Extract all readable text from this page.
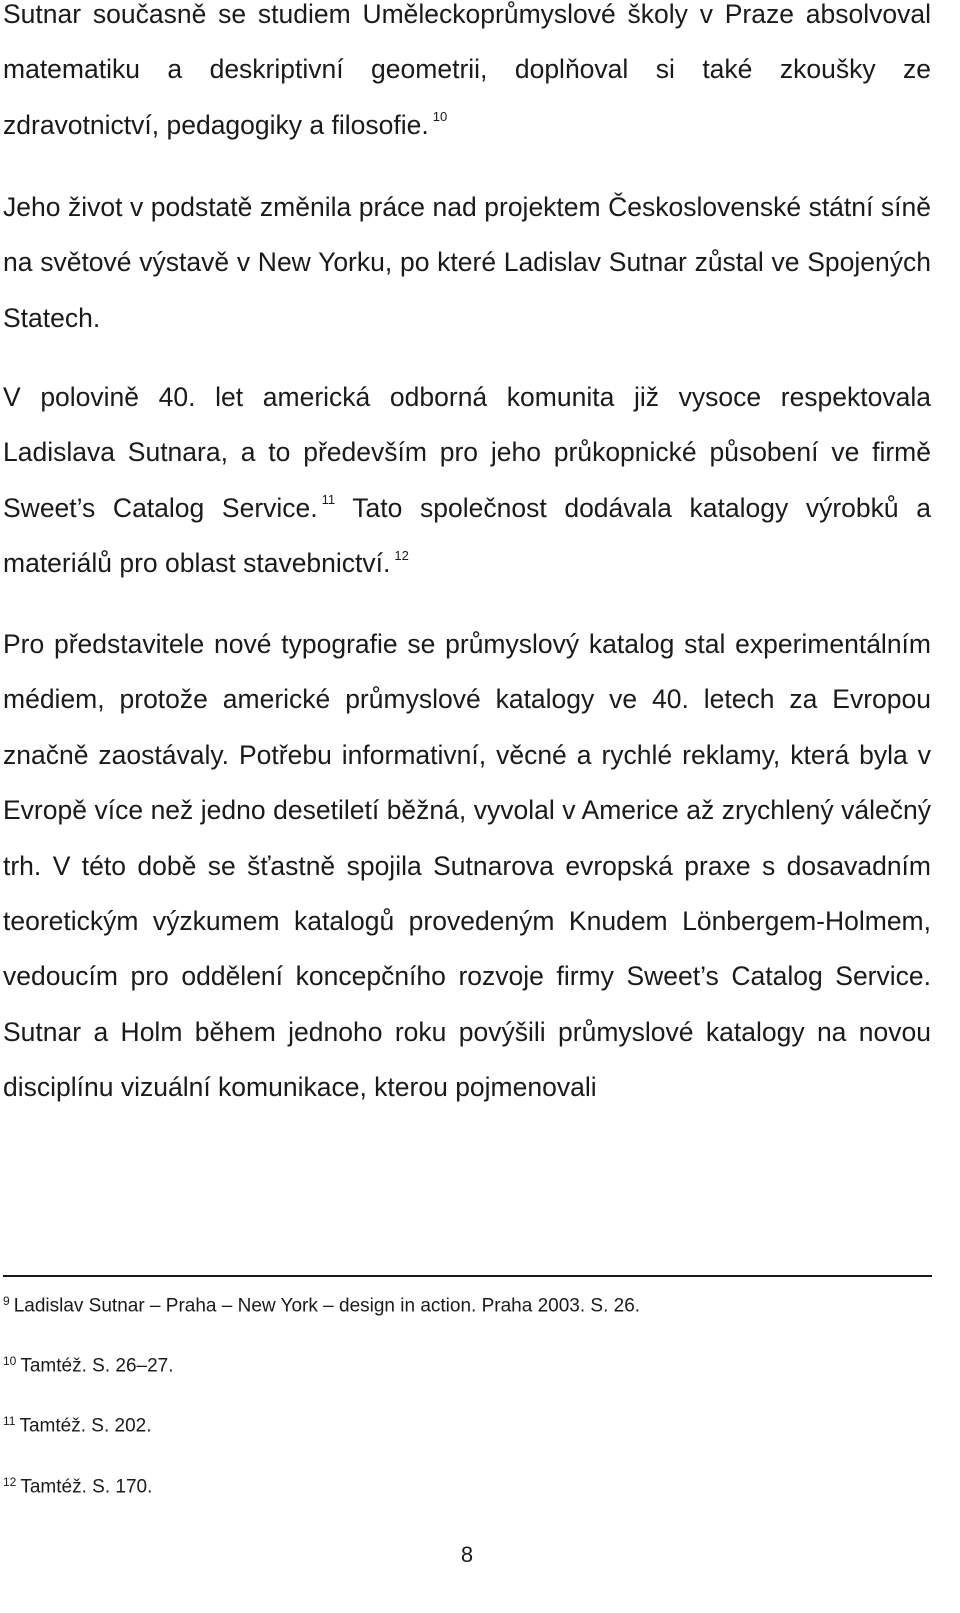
Sutnar současně se studiem Uměleckoprůmyslové školy v Praze absolvoval matematiku a deskriptivní geometrii, doplňoval si také zkoušky ze zdravotnictví, pedagogiky a filosofie. $^{10}$

Jeho život v podstatě změnila práce nad projektem Československé státní síně na světové výstavě v New Yorku, po které Ladislav Sutnar zůstal ve Spojených Statech.

V polovině 40. let americká odborná komunita již vysoce respektovala Ladislava Sutnara, a to především pro jeho průkopnické působení ve firmě Sweet’s Catalog Service. $^{11}$ Tato společnost dodávala katalogy výrobků a materiálů pro oblast stavebnictví. $^{12}$

Pro představitele nové typografie se průmyslový katalog stal experimentálním médiem, protože americké průmyslové katalogy ve 40. letech za Evropou značně zaostávaly. Potřebu informativní, věcné a rychlé reklamy, která byla v Evropě více než jedno desetiletí běžná, vyvolal v Americe až zrychlený válečný trh. V této době se šťastně spojila Sutnarova evropská praxe s dosavadním teoretickým výzkumem katalogů provedeným Knudem Lönbergem-Holmem, vedoucím pro oddělení koncepčního rozvoje firmy Sweet’s Catalog Service. Sutnar a Holm během jednoho roku povýšili průmyslové katalogy na novou disciplínu vizuální komunikace, kterou pojmenovali

$^9$ Ladislav Sutnar – Praha – New York – design in action. Praha 2003. S. 26.
$^{10}$ Tamtéž. S. 26–27.
$^{11}$ Tamtéž. S. 202.
$^{12}$ Tamtéž. S. 170.
8
